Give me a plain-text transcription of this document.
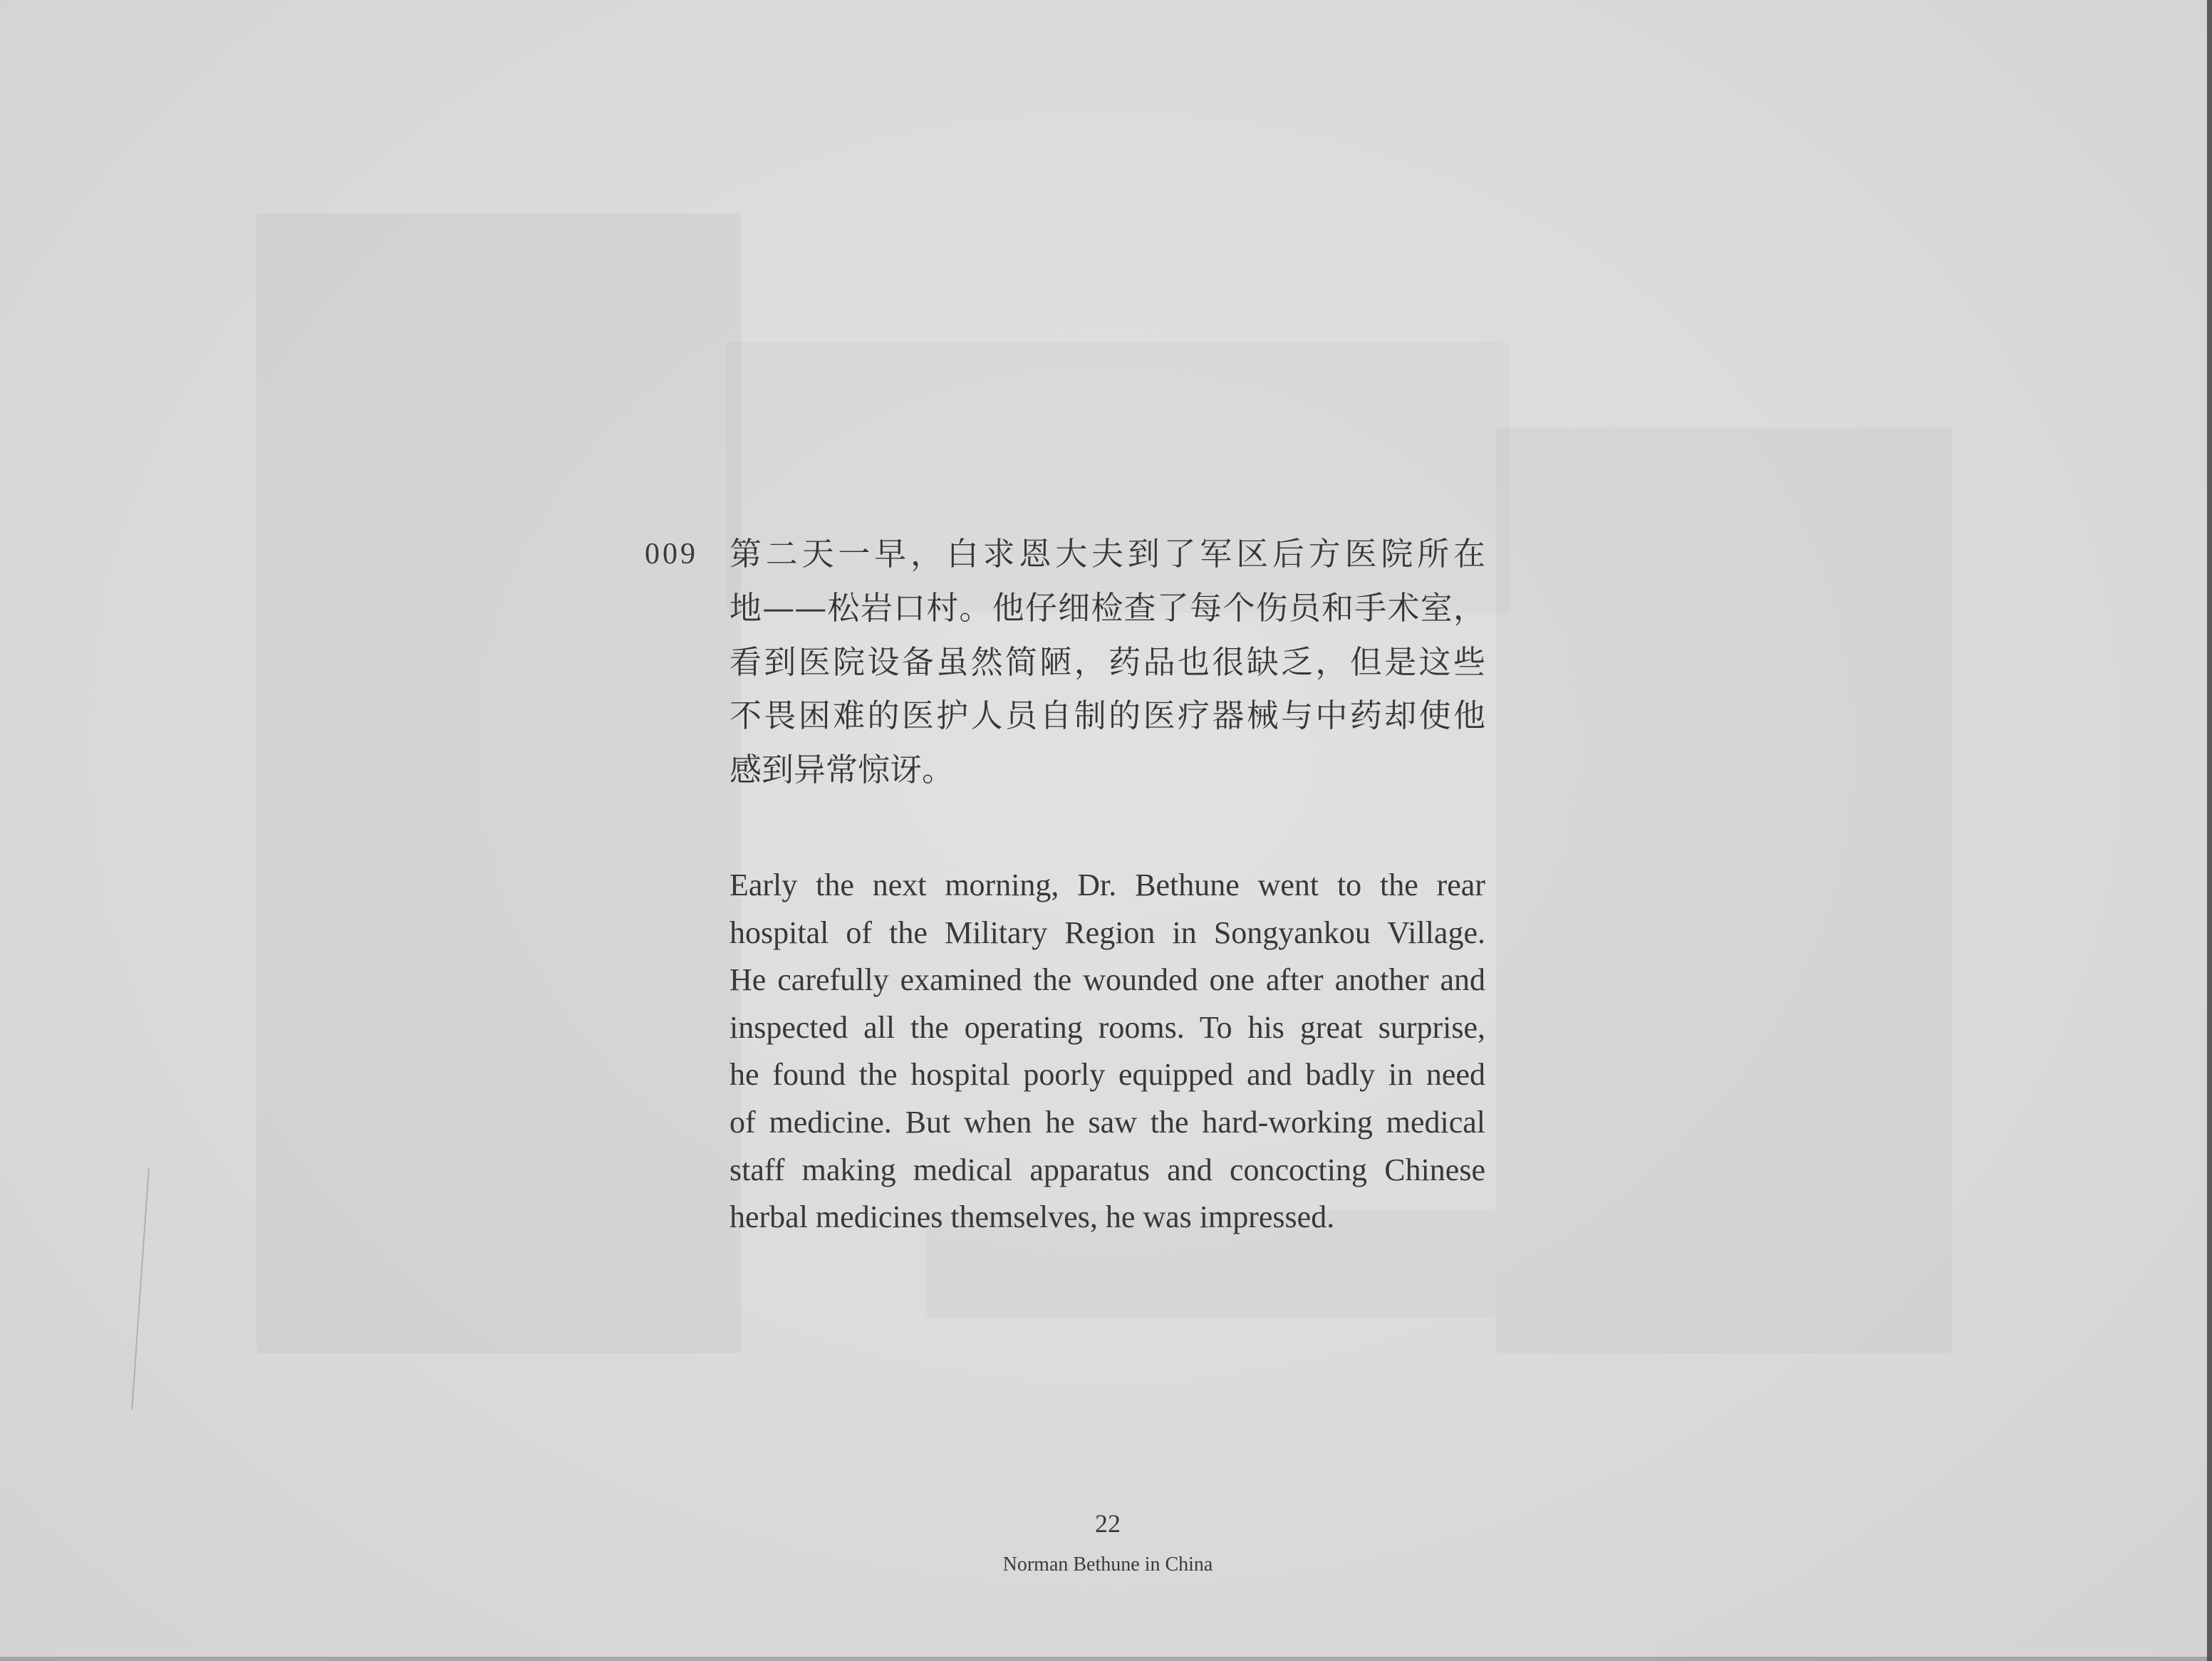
009 第二天一早，白求恩大夫到了军区后方医院所在
地——松岩口村。他仔细检查了每个伤员和手术室，
看到医院设备虽然简陋，药品也很缺乏，但是这些
不畏困难的医护人员自制的医疗器械与中药却使他
感到异常惊讶。
Early the next morning, Dr. Bethune went to the rear
hospital of the Military Region in Songyankou Village.
He carefully examined the wounded one after another and
inspected all the operating rooms. To his great surprise,
he found the hospital poorly equipped and badly in need
of medicine. But when he saw the hard-working medical
staff making medical apparatus and concocting Chinese
herbal medicines themselves, he was impressed.
22
Norman Bethune in China
